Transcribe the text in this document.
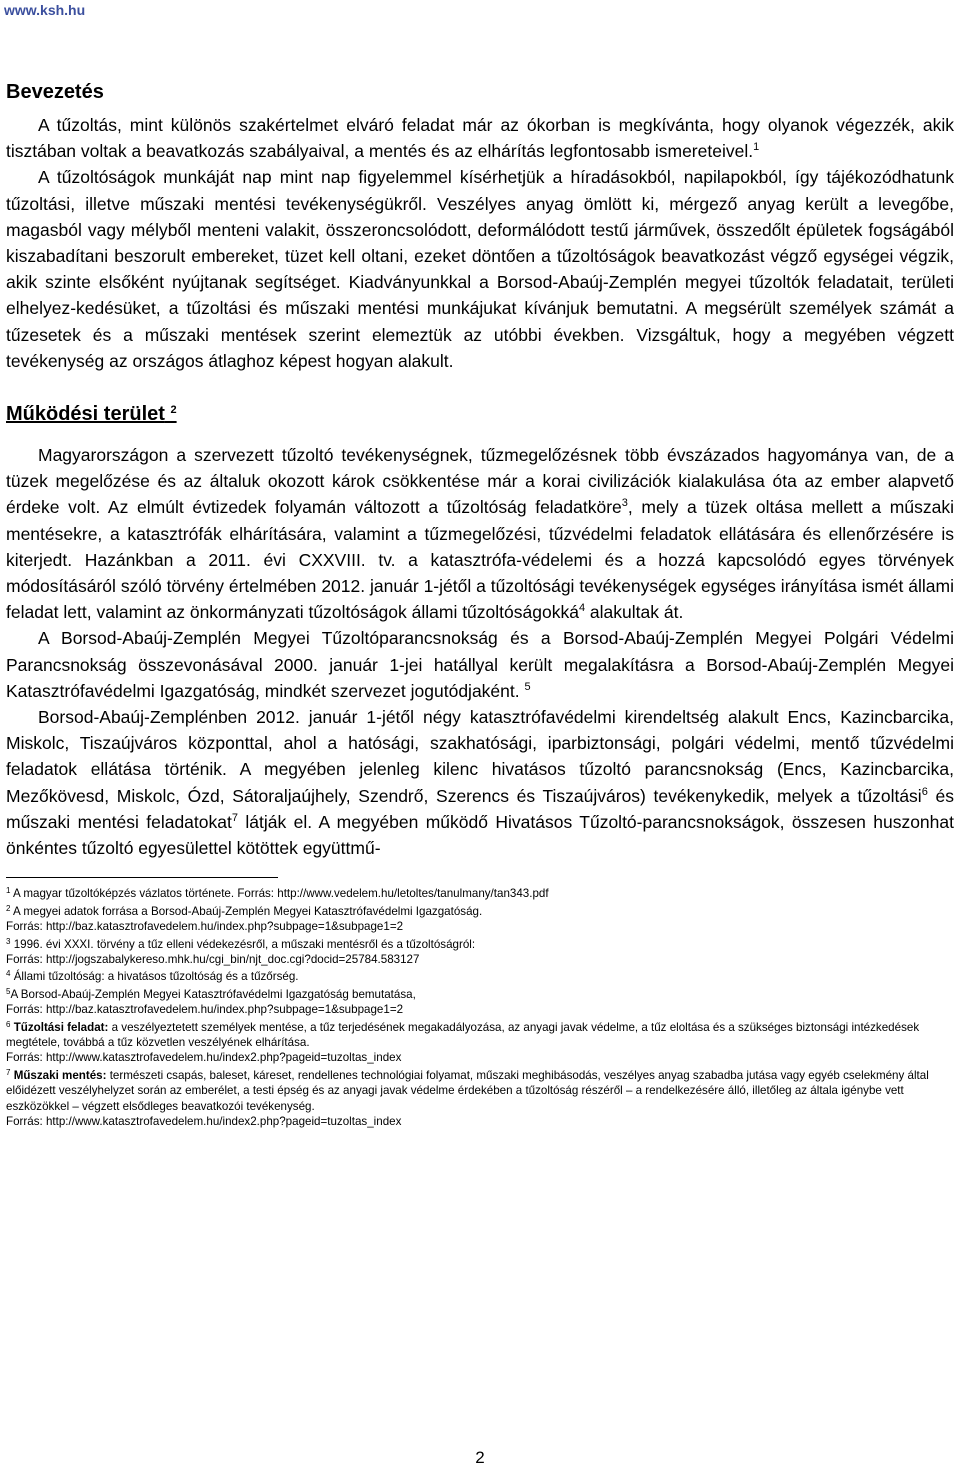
www.ksh.hu
Bevezetés

A tűzoltás, mint különös szakértelmet elváró feladat már az ókorban is megkívánta, hogy olyanok végezzék, akik tisztában voltak a beavatkozás szabályaival, a mentés és az elhárítás legfontosabb ismereteivel.$^1$

A tűzoltóságok munkáját nap mint nap figyelemmel kísérhetjük a híradásokból, napilapokból, így tájékozódhatunk tűzoltási, illetve műszaki mentési tevékenységükről. Veszélyes anyag ömlött ki, mérgező anyag került a levegőbe, magasból vagy mélyből menteni valakit, összeroncsolódott, deformálódott testű járművek, összedőlt épületek fogságából kiszabadítani beszorult embereket, tüzet kell oltani, ezeket döntően a tűzoltóságok beavatkozást végző egységei végzik, akik szinte elsőként nyújtanak segítséget. Kiadványunkkal a Borsod-Abaúj-Zemplén megyei tűzoltók feladatait, területi elhelyez-kedésüket, a tűzoltási és műszaki mentési munkájukat kívánjuk bemutatni. A megsérült személyek számát a tűzesetek és a műszaki mentések szerint elemeztük az utóbbi években. Vizsgáltuk, hogy a megyében végzett tevékenység az országos átlaghoz képest hogyan alakult.

Működési terület $^2$

Magyarországon a szervezett tűzoltó tevékenységnek, tűzmegelőzésnek több évszázados hagyománya van, de a tüzek megelőzése és az általuk okozott károk csökkentése már a korai civilizációk kialakulása óta az ember alapvető érdeke volt. Az elmúlt évtizedek folyamán változott a tűzoltóság feladatköre$^3$, mely a tüzek oltása mellett a műszaki mentésekre, a katasztrófák elhárítására, valamint a tűzmegelőzési, tűzvédelmi feladatok ellátására és ellenőrzésére is kiterjedt. Hazánkban a 2011. évi CXXVIII. tv. a katasztrófa-védelemi és a hozzá kapcsolódó egyes törvények módosításáról szóló törvény értelmében 2012. január 1-jétől a tűzoltósági tevékenységek egységes irányítása ismét állami feladat lett, valamint az önkormányzati tűzoltóságok állami tűzoltóságokká$^4$ alakultak át.

A Borsod-Abaúj-Zemplén Megyei Tűzoltóparancsnokság és a Borsod-Abaúj-Zemplén Megyei Polgári Védelmi Parancsnokság összevonásával 2000. január 1-jei hatállyal került megalakításra a Borsod-Abaúj-Zemplén Megyei Katasztrófavédelmi Igazgatóság, mindkét szervezet jogutódjaként. $^5$

Borsod-Abaúj-Zemplénben 2012. január 1-jétől négy katasztrófavédelmi kirendeltség alakult Encs, Kazincbarcika, Miskolc, Tiszaújváros központtal, ahol a hatósági, szakhatósági, iparbiztonsági, polgári védelmi, mentő tűzvédelmi feladatok ellátása történik. A megyében jelenleg kilenc hivatásos tűzoltó parancsnokság (Encs, Kazincbarcika, Mezőkövesd, Miskolc, Ózd, Sátoraljaújhely, Szendrő, Szerencs és Tiszaújváros) tevékenykedik, melyek a tűzoltási$^6$ és műszaki mentési feladatokat$^7$ látják el. A megyében működő Hivatásos Tűzoltó-parancsnokságok, összesen huszonhat önkéntes tűzoltó egyesülettel kötöttek együttmű-

$^1$ A magyar tűzoltóképzés vázlatos története. Forrás: http://www.vedelem.hu/letoltes/tanulmany/tan343.pdf

$^2$ A megyei adatok forrása a Borsod-Abaúj-Zemplén Megyei Katasztrófavédelmi Igazgatóság.
Forrás: http://baz.katasztrofavedelem.hu/index.php?subpage=1&subpage1=2

$^3$ 1996. évi XXXI. törvény a tűz elleni védekezésről, a műszaki mentésről és a tűzoltóságról:
Forrás: http://jogszabalykereso.mhk.hu/cgi_bin/njt_doc.cgi?docid=25784.583127

$^4$ Állami tűzoltóság: a hivatásos tűzoltóság és a tűzőrség.

$^5$A Borsod-Abaúj-Zemplén Megyei Katasztrófavédelmi Igazgatóság bemutatása,
Forrás: http://baz.katasztrofavedelem.hu/index.php?subpage=1&subpage1=2

$^6$ Tűzoltási feladat: a veszélyeztetett személyek mentése, a tűz terjedésének megakadályozása, az anyagi javak védelme, a tűz eloltása és a szükséges biztonsági intézkedések megtétele, továbbá a tűz közvetlen veszélyének elhárítása.
Forrás: http://www.katasztrofavedelem.hu/index2.php?pageid=tuzoltas_index

$^7$ Műszaki mentés: természeti csapás, baleset, káreset, rendellenes technológiai folyamat, műszaki meghibásodás, veszélyes anyag szabadba jutása vagy egyéb cselekmény által előidézett veszélyhelyzet során az emberélet, a testi épség és az anyagi javak védelme érdekében a tűzoltóság részéről – a rendelkezésére álló, illetőleg az általa igénybe vett eszközökkel – végzett elsődleges beavatkozói tevékenység.
Forrás: http://www.katasztrofavedelem.hu/index2.php?pageid=tuzoltas_index

2
